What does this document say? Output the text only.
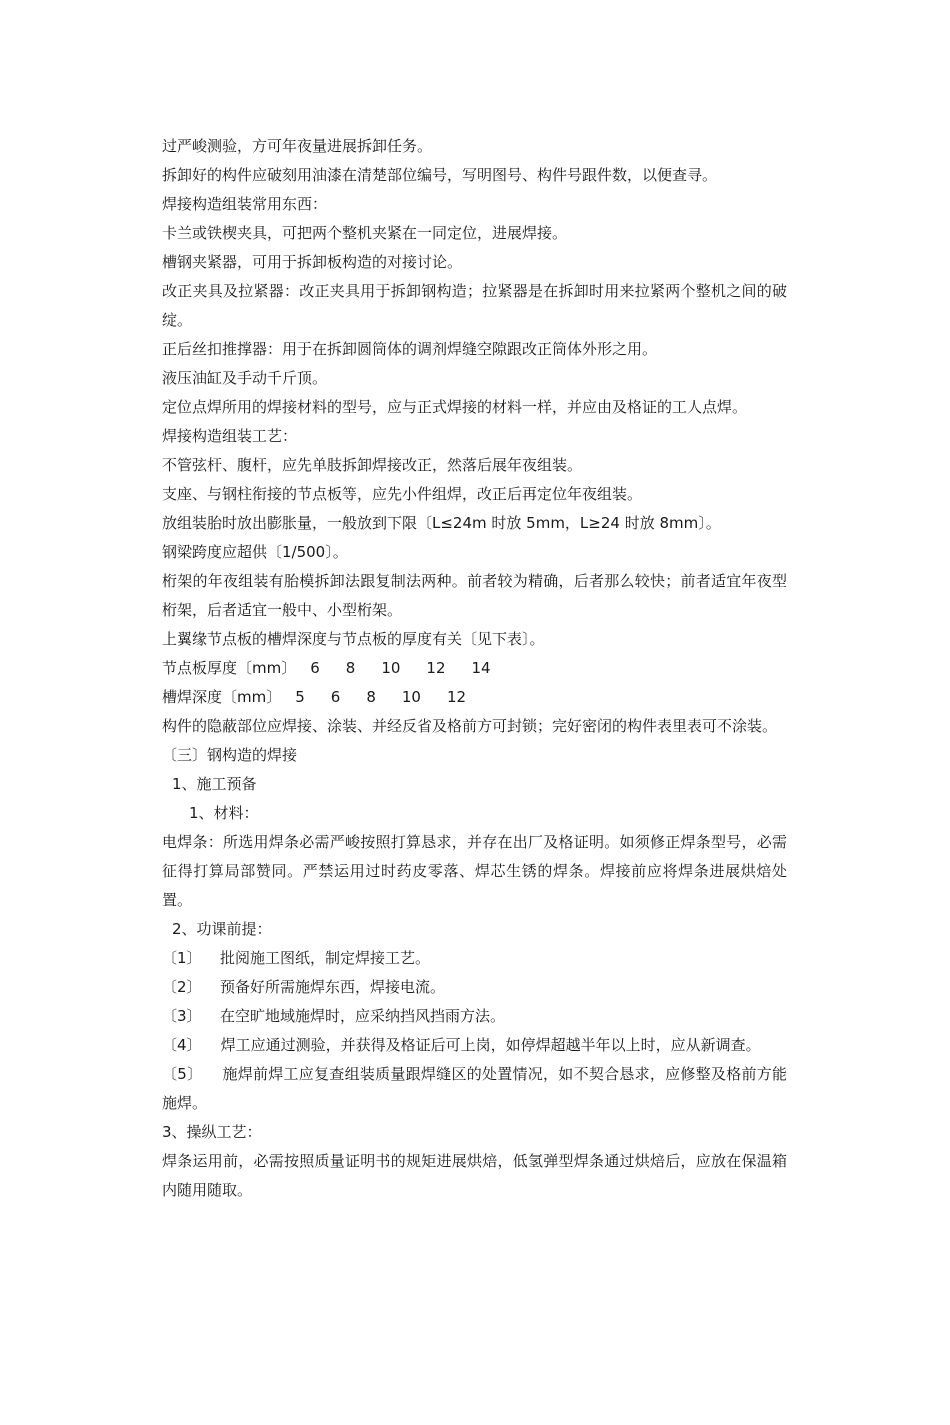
过严峻测验，方可年夜量进展拆卸任务。

拆卸好的构件应破刻用油漆在清楚部位编号，写明图号、构件号跟件数，以便查寻。

焊接构造组装常用东西：

卡兰或铁楔夹具，可把两个整机夹紧在一同定位，进展焊接。

槽钢夹紧器，可用于拆卸板构造的对接讨论。

改正夹具及拉紧器：改正夹具用于拆卸钢构造；拉紧器是在拆卸时用来拉紧两个整机之间的破绽。

正后丝扣推撑器：用于在拆卸圆筒体的调剂焊缝空隙跟改正筒体外形之用。

液压油缸及手动千斤顶。

定位点焊所用的焊接材料的型号，应与正式焊接的材料一样，并应由及格证的工人点焊。

焊接构造组装工艺：

不管弦杆、腹杆，应先单肢拆卸焊接改正，然落后展年夜组装。

支座、与钢柱衔接的节点板等，应先小件组焊，改正后再定位年夜组装。

放组装胎时放出膨胀量，一般放到下限〔L≤24m 时放 5mm，L≥24 时放 8mm〕。

钢梁跨度应超供〔1/500〕。

桁架的年夜组装有胎模拆卸法跟复制法两种。前者较为精确，后者那么较快；前者适宜年夜型桁架，后者适宜一般中、小型桁架。

上翼缘节点板的槽焊深度与节点板的厚度有关〔见下表〕。

节点板厚度〔mm〕 6 8 10 12 14
槽焊深度〔mm〕 5 6 8 10 12

构件的隐蔽部位应焊接、涂装、并经反省及格前方可封锁；完好密闭的构件表里表可不涂装。

〔三〕钢构造的焊接

1、施工预备

1、材料：

电焊条：所选用焊条必需严峻按照打算恳求，并存在出厂及格证明。如须修正焊条型号，必需征得打算局部赞同。严禁运用过时药皮零落、焊芯生锈的焊条。焊接前应将焊条进展烘焙处置。

2、功课前提：

〔1〕	批阅施工图纸，制定焊接工艺。
〔2〕	预备好所需施焊东西，焊接电流。
〔3〕	在空旷地域施焊时，应采纳挡风挡雨方法。

〔4〕 焊工应通过测验，并获得及格证后可上岗，如停焊超越半年以上时，应从新调查。

〔5〕 施焊前焊工应复查组装质量跟焊缝区的处置情况，如不契合恳求，应修整及格前方能施焊。

3、操纵工艺：

焊条运用前，必需按照质量证明书的规矩进展烘焙，低氢弹型焊条通过烘焙后，应放在保温箱内随用随取。
